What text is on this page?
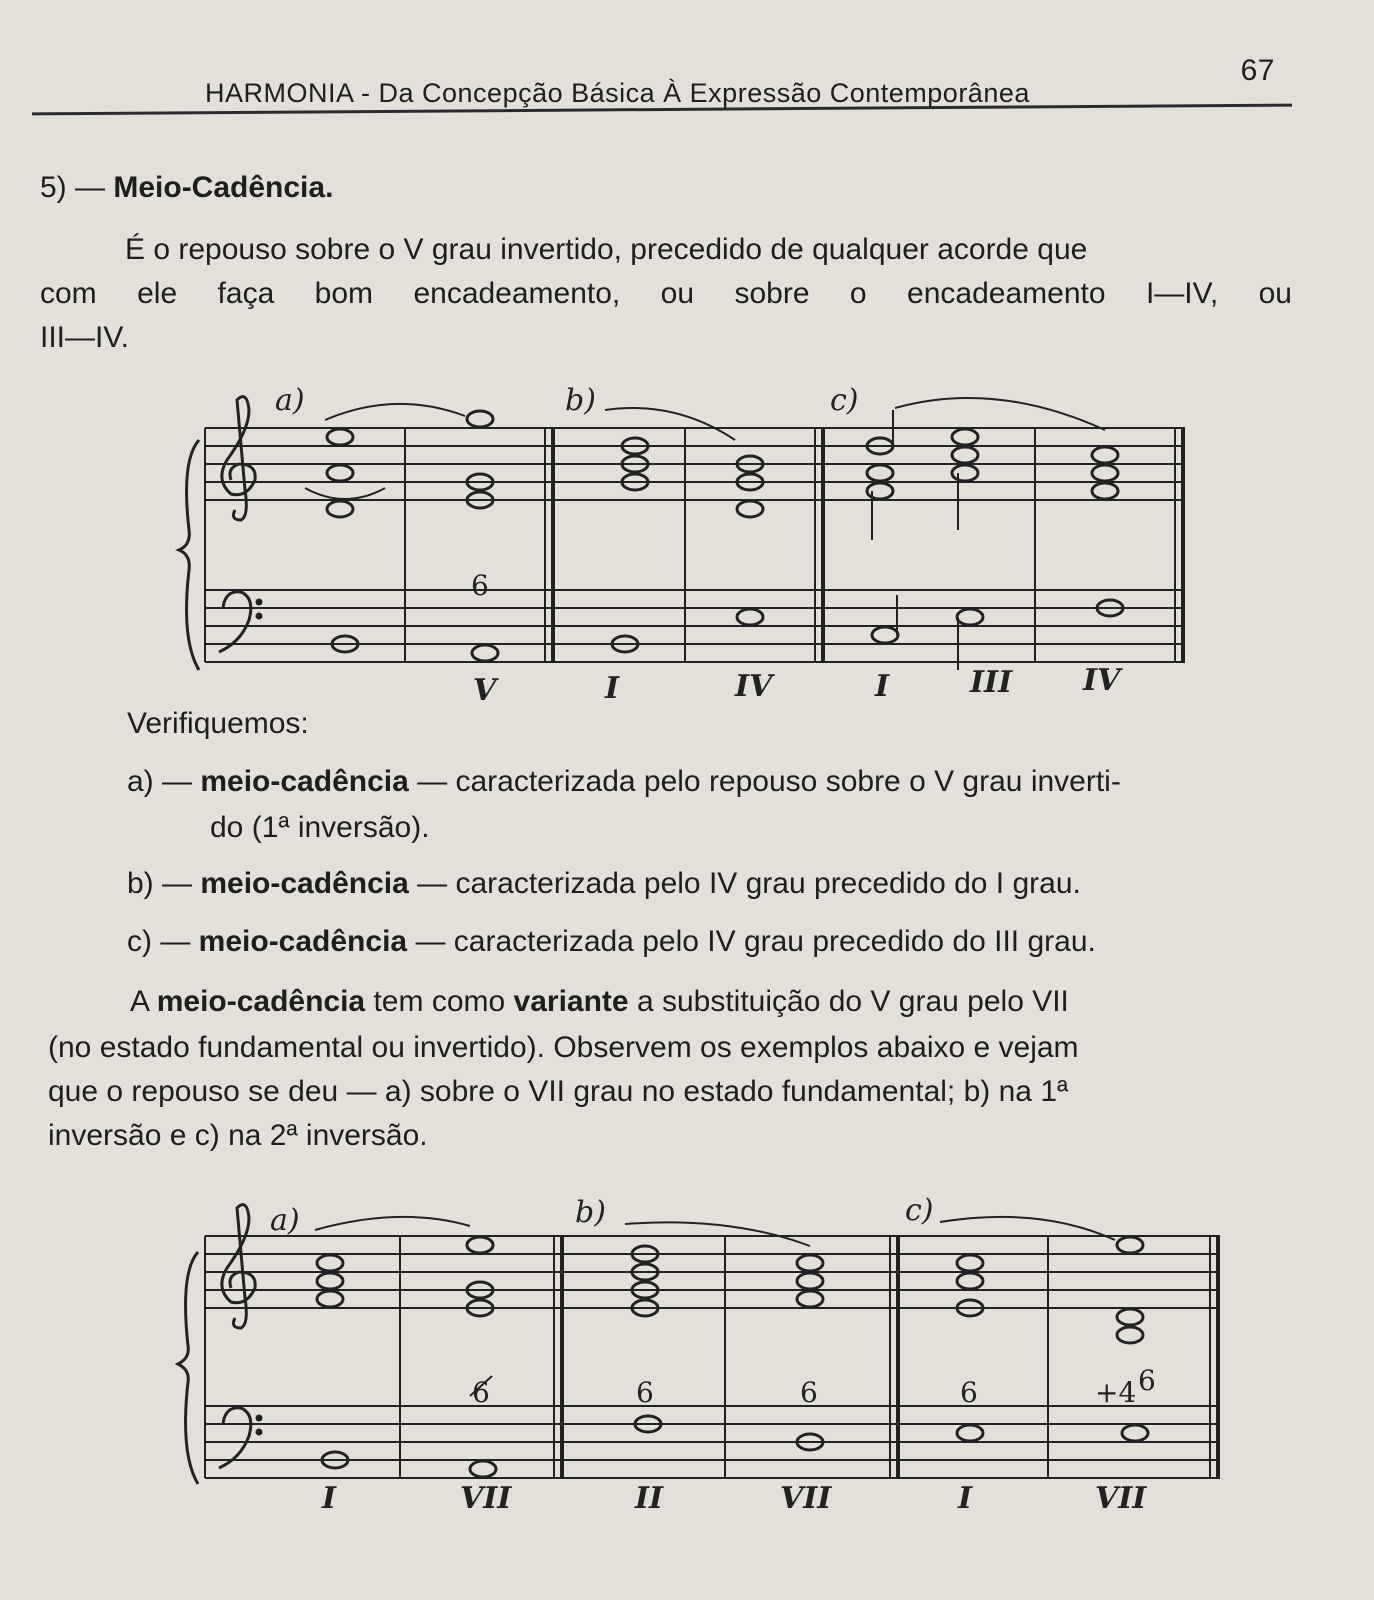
HARMONIA - Da Concepção Básica À Expressão Contemporânea
67
5) — Meio-Cadência.
É o repouso sobre o V grau invertido, precedido de qualquer acorde que
com ele faça bom encadeamento, ou sobre o encadeamento I—IV, ou
III—IV.
a)	b)	c)
6
V	I	IV	I	III IV
Verifiquemos:
a) — meio-cadência — caracterizada pelo repouso sobre o V grau inverti-
do (1ª inversão).
b) — meio-cadência — caracterizada pelo IV grau precedido do I grau.
c) — meio-cadência — caracterizada pelo IV grau precedido do III grau.
A meio-cadência tem como variante a substituição do V grau pelo VII
(no estado fundamental ou invertido). Observem os exemplos abaixo e vejam
que o repouso se deu — a) sobre o VII grau no estado fundamental; b) na 1ª
inversão e c) na 2ª inversão.
a)	b)	c)
6	6	6	6	+4 6
I	VII	II	VII	I	VII
